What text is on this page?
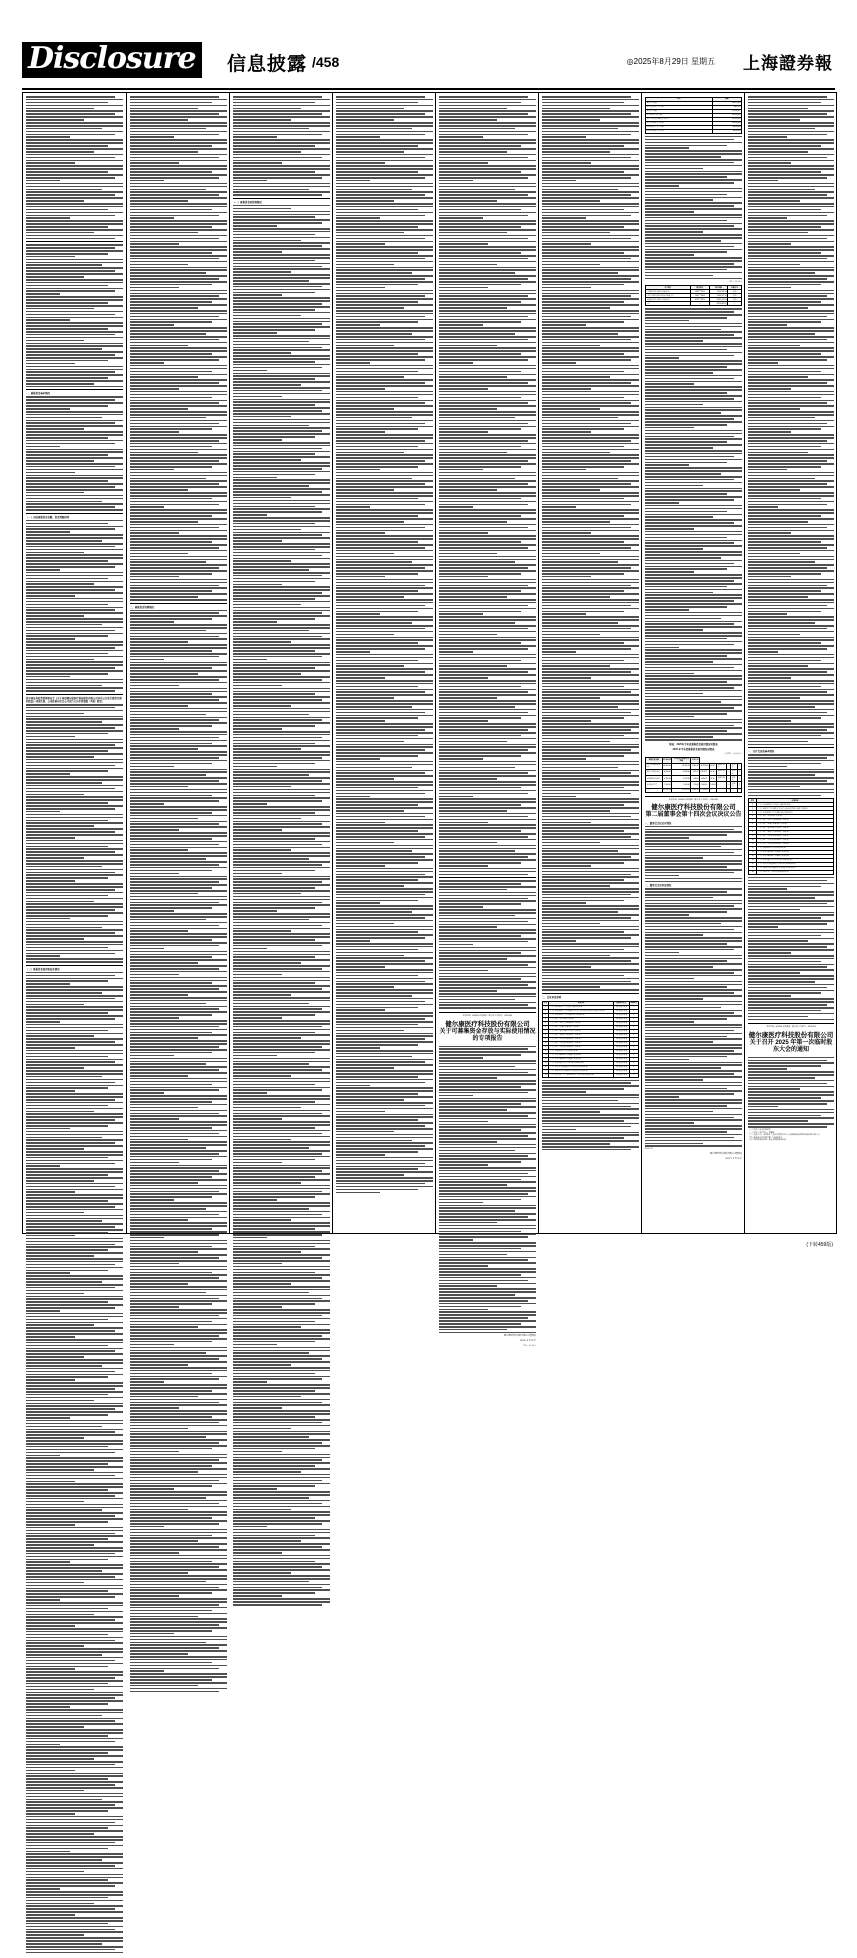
Disclosure	信息披露 /458	◎2025年8月29日 星期五 上海證券報
一、募集资金基本情况
（一）实际募集资金金额、资金到账时间
经中国证券监督管理委员会《关于同意健尔康医疗科技股份有限公司首次公开发行股票注册的批复》同意注册，公司获准向社会公开发行人民币普通股（A股）股票。
（二）募集资金使用和结余情况
二、募集资金管理情况
（一）募集资金的管理情况
证券代码：603205 证券简称：健尔康 公告编号：2025-033
健尔康医疗科技股份有限公司
关于可募集资金存放与实际使用情况的专项报告
健尔康医疗科技股份有限公司董事会
2025年 8 月 29 日
单位：人民币元
二、会议审议事项
序号	议案名称	投票股东类型	A股股东
1	《关于公司2025年半年度报告及摘要的议案》	非累积投票议案	√
2	《关于公司2025年半年度募集资金存放与实际使用情况的专项报告的议案》	非累积投票议案	√
3	《关于公司2025年半年度利润分配方案的议案》	非累积投票议案	√
4	《关于修订〈公司章程〉的议案》	非累积投票议案	√
5	《关于修订〈股东大会议事规则〉的议案》	非累积投票议案	√
6	《关于修订〈董事会议事规则〉的议案》	非累积投票议案	√
7	《关于修订〈独立董事工作制度〉的议案》	非累积投票议案	√
8	《关于修订〈募集资金管理制度〉的议案》	非累积投票议案	√
9	《关于修订〈对外担保管理制度〉的议案》	非累积投票议案	√
10	《关于修订〈关联交易管理制度〉的议案》	非累积投票议案	√
11	《关于修订〈对外投资管理制度〉的议案》	非累积投票议案	√
12	《关于聘请2025年度审计机构的议案》	非累积投票议案	√
13	《关于公司董事2025年度薪酬方案的议案》	非累积投票议案	√
14	《关于公司监事2025年度薪酬方案的议案》	非累积投票议案	√
15	《关于使用闲置自有资金进行现金管理的议案》	非累积投票议案	√
16	《关于使用部分闲置募集资金进行现金管理的议案》	非累积投票议案	√
17	《关于调整公司部分募投项目内部投资结构的议案》	非累积投票议案	√
18	《关于公司未来三年（2025-2027年）股东回报规划的议案》	非累积投票议案	√
项目	金额
募集资金总额	48,412,600
减：发行费用（不含税）	6,42,213
募集资金净额	41,990,387
截至期末累计发生额	33,113,904
其中：累计投入募集资金项目	31,110,110
累计使用募集资金总额	33,113,904
期末募集资金专户余额	8,876,483
尚未使用募集资金余额	8,876,483
单位：人民币元
开户银行	银行账号	账户余额	存储方式
中国银行股份有限公司南通分行	5158****9371	3,115,241.34	活期
中国工商银行股份有限公司南通分行	1105****6820	2,440,121.70	活期
交通银行股份有限公司南通分行	3210****8012	3,321,120.13	活期
合计	—	8,876,483.17	—
附表：2025年半年度募集资金使用情况对照表
2025 年半年度募集资金使用情况对照表
合并单位：人民币万元
募集资金总额	41,990.39	本年度投入募集资金总额	3,311.39						
年产医用敷料建设项目	24,000.00	24,000.00	1,580.12	16,214.33	67.56	2026年12月	—	不适用	否
研发中心建设项目	6,200.00	6,200.00	613.27	2,318.77	37.40	2026年12月	—	不适用	否
营销网络建设项目	4,790.39	4,790.39	418.00	1,980.21	41.34	2026年12月	—	不适用	否
补充流动资金	7,000.00	7,000.00	700.00	7,000.00	100.00	—	—	不适用	否
合计	41,990.39	41,990.39	3,311.39	27,513.31	—	—	—	—	—
证券代码：603205 证券简称：健尔康 公告编号：2025-031
健尔康医疗科技股份有限公司
第二届董事会第十四次会议决议公告
一、董事会会议召开情况
二、董事会会议审议情况
特此公告。
健尔康医疗科技股份有限公司董事会
2025 年 8 月 29 日
一、召开会议的基本情况
序号	议案名称
1	《关于公司2025年半年度报告及摘要的议案》
2	《关于2025年半年度募集资金存放与实际使用情况专项报告的议案》
3	《关于公司2025年半年度利润分配方案的议案》
4	《关于修订〈公司章程〉的议案》
5	《关于修订〈股东大会议事规则〉的议案》
6	《关于修订〈董事会议事规则〉的议案》
7	《关于修订〈独立董事工作制度〉的议案》
8	《关于修订〈募集资金管理制度〉的议案》
9	《关于修订〈对外担保管理制度〉的议案》
10	《关于修订〈关联交易管理制度〉的议案》
11	《关于修订〈对外投资管理制度〉的议案》
12	《关于聘请2025年度审计机构的议案》
13	《关于公司董事2025年度薪酬方案的议案》
14	《关于公司监事2025年度薪酬方案的议案》
15	《关于使用闲置自有资金进行现金管理的议案》
16	《关于使用部分闲置募集资金进行现金管理的议案》
17	《关于调整公司部分募投项目内部投资结构的议案》
18	《关于公司未来三年股东回报规划的议案》
证券代码：603205 证券简称：健尔康 公告编号：2025-034
健尔康医疗科技股份有限公司
关于召开 2025 年第一次临时股东大会的通知
（一）股东大会类型和届次
（二）股东大会召集人：董事会
（三）投票方式：本次股东大会所采用的表决方式是现场投票和网络投票相结合的方式
（四）现场会议召开的日期、时间和地点
（五）网络投票的系统、起止日期和投票时间
(下转459版)
